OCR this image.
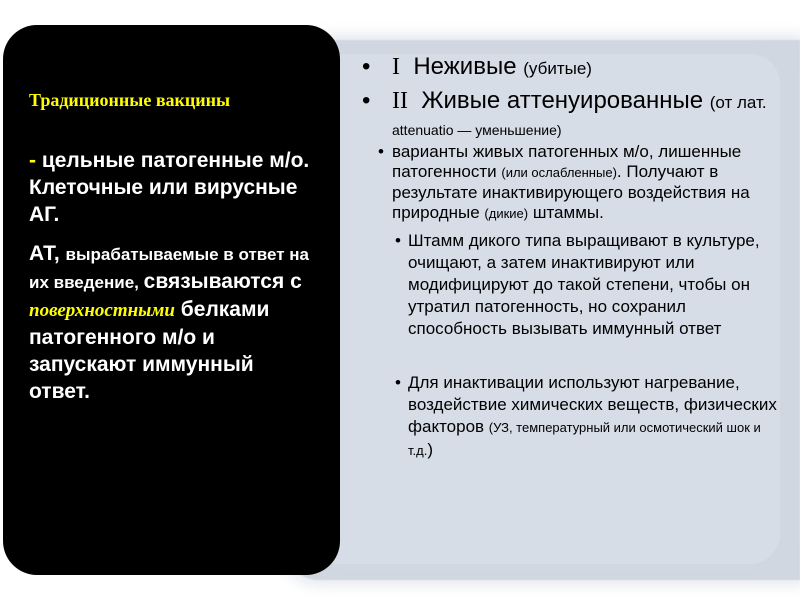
Традиционные вакцины

- цельные патогенные м/о. Клеточные или вирусные АГ.
АТ, вырабатываемые в ответ на их введение, связываются с поверхностными белками патогенного м/о и запускают иммунный ответ.
• I Неживые (убитые)
• II Живые аттенуированные (от лат.
attenuatio — уменьшение)
• варианты живых патогенных м/о, лишенные патогенности (или ослабленные). Получают в результате инактивирующего воздействия на природные (дикие) штаммы.
• Штамм дикого типа выращивают в культуре, очищают, а затем инактивируют или модифицируют до такой степени, чтобы он утратил патогенность, но сохранил способность вызывать иммунный ответ
• Для инактивации используют нагревание, воздействие химических веществ, физических факторов (УЗ, температурный или осмотический шок и т.д.)
